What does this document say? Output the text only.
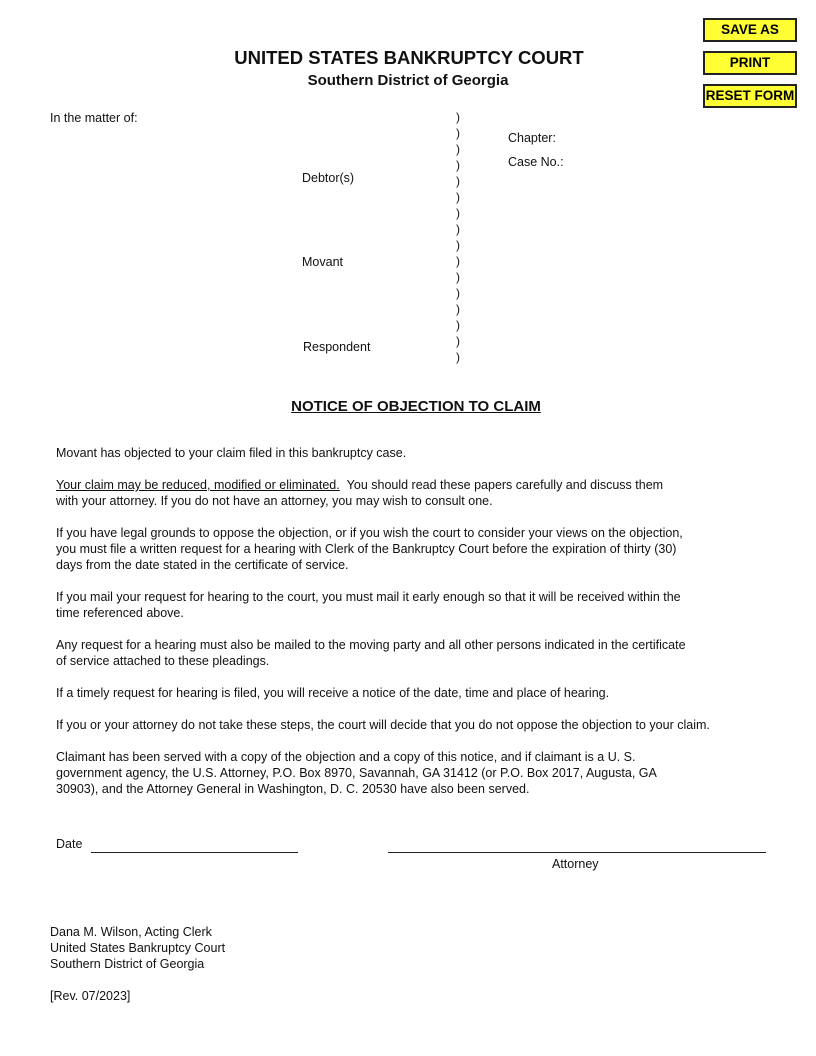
SAVE AS
PRINT
RESET FORM
UNITED STATES BANKRUPTCY COURT
Southern District of Georgia
In the matter of:
Debtor(s)
Movant
Respondent
Chapter:
Case No.:
)
)
)
)
)
)
)
)
)
)
)
)
)
)
)
)
NOTICE OF OBJECTION TO CLAIM

Movant has objected to your claim filed in this bankruptcy case.

Your claim may be reduced, modified or eliminated. You should read these papers carefully and discuss them

with your attorney. If you do not have an attorney, you may wish to consult one.

If you have legal grounds to oppose the objection, or if you wish the court to consider your views on the objection,

you must file a written request for a hearing with Clerk of the Bankruptcy Court before the expiration of thirty (30)

days from the date stated in the certificate of service.

If you mail your request for hearing to the court, you must mail it early enough so that it will be received within the

time referenced above.

Any request for a hearing must also be mailed to the moving party and all other persons indicated in the certificate

of service attached to these pleadings.

If a timely request for hearing is filed, you will receive a notice of the date, time and place of hearing.

If you or your attorney do not take these steps, the court will decide that you do not oppose the objection to your claim.

Claimant has been served with a copy of the objection and a copy of this notice, and if claimant is a U. S.

government agency, the U.S. Attorney, P.O. Box 8970, Savannah, GA 31412 (or P.O. Box 2017, Augusta, GA

30903), and the Attorney General in Washington, D. C. 20530 have also been served.

Date
Attorney
Dana M. Wilson, Acting Clerk
United States Bankruptcy Court
Southern District of Georgia
[Rev. 07/2023]
